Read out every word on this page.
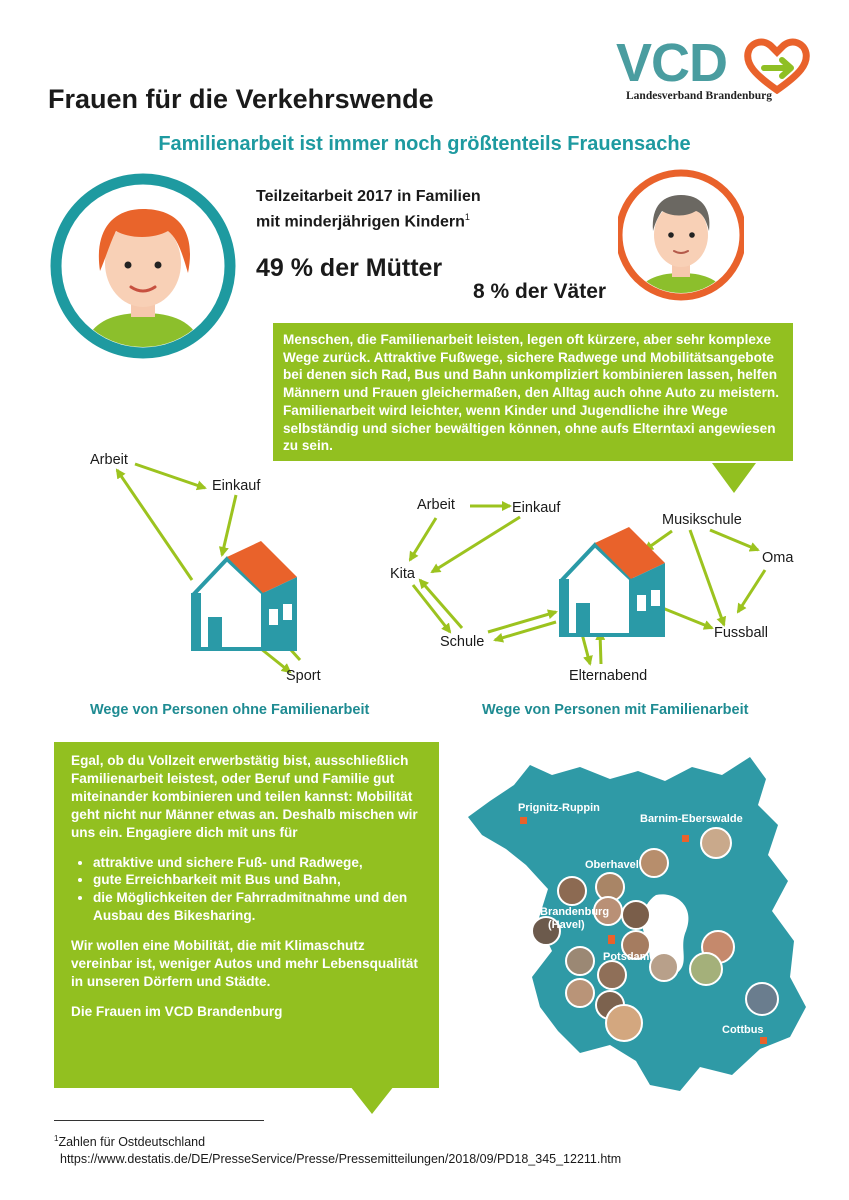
VCD
Landesverband Brandenburg
Frauen für die Verkehrswende
Familienarbeit ist immer noch größtenteils Frauensache
Teilzeitarbeit 2017 in Familien
mit minderjährigen Kindern$^1$
49 % der Mütter
8 % der Väter
Menschen, die Familienarbeit leisten, legen oft kürzere, aber sehr komplexe Wege zurück. Attraktive Fußwege, sichere Radwege und Mobilitätsangebote bei denen sich Rad, Bus und Bahn unkompliziert kombinieren lassen, helfen Männern und Frauen gleichermaßen, den Alltag auch ohne Auto zu meistern. Familienarbeit wird leichter, wenn Kinder und Jugendliche ihre Wege selbständig und sicher bewältigen können, ohne aufs Elterntaxi angewiesen zu sein.
Arbeit
Einkauf
Sport
Arbeit	Einkauf
Kita
Schule
Elternabend
Musikschule
Oma
Fussball
Wege von Personen ohne Familienarbeit	Wege von Personen mit Familienarbeit

Egal, ob du Vollzeit erwerbstätig bist, ausschließlich Familienarbeit leistest, oder Beruf und Familie gut miteinander kombinieren und teilen kannst: Mobilität geht nicht nur Männer etwas an. Deshalb mischen wir uns ein. Engagiere dich mit uns für

• attraktive und sichere Fuß- und Radwege,
• gute Erreichbarkeit mit Bus und Bahn,
• die Möglichkeiten der Fahrradmitnahme und den Ausbau des Bikesharing.

Wir wollen eine Mobilität, die mit Klimaschutz vereinbar ist, weniger Autos und mehr Lebensqualität in unseren Dörfern und Städte.

Die Frauen im VCD Brandenburg

Prignitz-Ruppin
Barnim-Eberswalde
Oberhavel
Brandenburg
(Havel)
Potsdam
Cottbus
$^1$Zahlen für Ostdeutschland
https://www.destatis.de/DE/PresseService/Presse/Pressemitteilungen/2018/09/PD18_345_12211.htm
